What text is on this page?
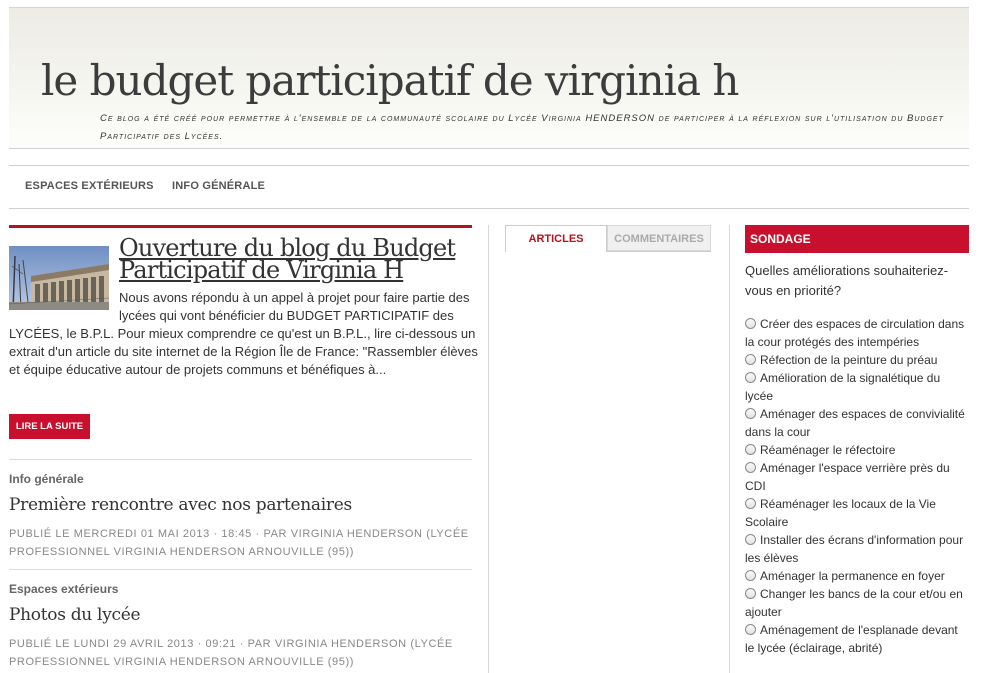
le budget participatif de virginia h

Ce blog a été créé pour permettre à l'ensemble de la communauté scolaire du Lycée Virginia HENDERSON de participer à la réflexion sur l'utilisation du Budget Participatif des Lycées.

ESPACES EXTÉRIEURS INFO GÉNÉRALE
Ouverture du blog du Budget Participatif de Virginia H

Nous avons répondu à un appel à projet pour faire partie des lycées qui vont bénéficier du BUDGET PARTICIPATIF des LYCÉES, le B.P.L. Pour mieux comprendre ce qu'est un B.P.L., lire ci-dessous un extrait d'un article du site internet de la Région Île de France: "Rassembler élèves et équipe éducative autour de projets communs et bénéfiques à...

LIRE LA SUITE
Info générale
Première rencontre avec nos partenaires

PUBLIÉ LE MERCREDI 01 MAI 2013 · 18:45 · PAR VIRGINIA HENDERSON (LYCÉE PROFESSIONNEL VIRGINIA HENDERSON ARNOUVILLE (95))

Espaces extérieurs
Photos du lycée

PUBLIÉ LE LUNDI 29 AVRIL 2013 · 09:21 · PAR VIRGINIA HENDERSON (LYCÉE PROFESSIONNEL VIRGINIA HENDERSON ARNOUVILLE (95))

ARTICLES	COMMENTAIRES	SONDAGE

Quelles améliorations souhaiteriez-vous en priorité?

Créer des espaces de circulation dans la cour protégés des intempéries
Réfection de la peinture du préau
Amélioration de la signalétique du lycée
Aménager des espaces de convivialité dans la cour
Réaménager le réfectoire
Aménager l'espace verrière près du CDI
Réaménager les locaux de la Vie Scolaire
Installer des écrans d'information pour les élèves
Aménager la permanence en foyer
Changer les bancs de la cour et/ou en ajouter
Aménagement de l'esplanade devant le lycée (éclairage, abrité)
